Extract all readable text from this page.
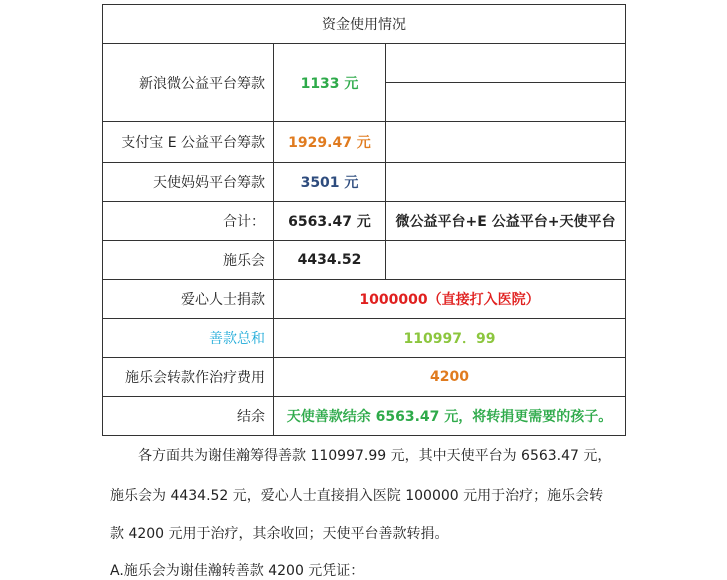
资金使用情况		
新浪微公益平台筹款	1133 元	

支付宝 E 公益平台筹款	1929.47 元	
天使妈妈平台筹款	3501 元	
合计：	6563.47 元	微公益平台+E 公益平台+天使平台
施乐会	4434.52	
爱心人士捐款	1000000（直接打入医院）	
善款总和	110997．99	
施乐会转款作治疗费用	4200	
结余	天使善款结余 6563.47 元，将转捐更需要的孩子。	
各方面共为谢佳瀚筹得善款 110997.99 元，其中天使平台为 6563.47 元，
施乐会为 4434.52 元，爱心人士直接捐入医院 100000 元用于治疗；施乐会转
款 4200 元用于治疗，其余收回；天使平台善款转捐。
A.施乐会为谢佳瀚转善款 4200 元凭证：
